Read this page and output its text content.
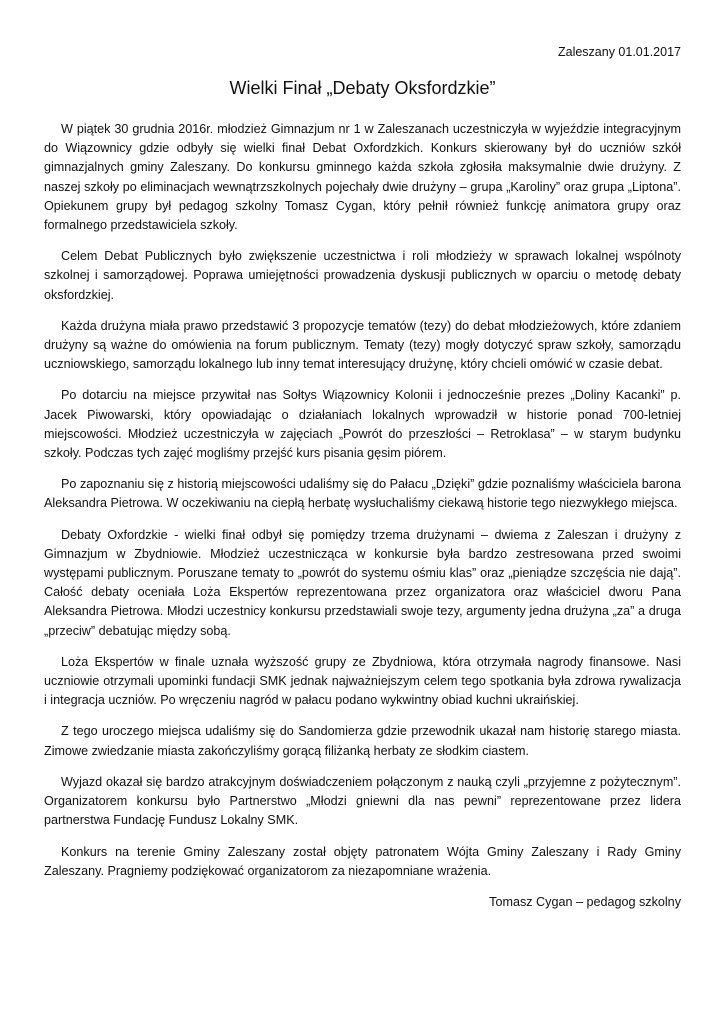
Zaleszany 01.01.2017

Wielki Finał „Debaty Oksfordzkie”

W piątek 30 grudnia 2016r. młodzież Gimnazjum nr 1 w Zaleszanach uczestniczyła w wyjeździe integracyjnym do Wiązownicy gdzie odbyły się wielki finał Debat Oxfordzkich. Konkurs skierowany był do uczniów szkół gimnazjalnych gminy Zaleszany. Do konkursu gminnego każda szkoła zgłosiła maksymalnie dwie drużyny. Z naszej szkoły po eliminacjach wewnątrzszkolnych pojechały dwie drużyny – grupa „Karoliny” oraz grupa „Liptona”. Opiekunem grupy był pedagog szkolny Tomasz Cygan, który pełnił również funkcję animatora grupy oraz formalnego przedstawiciela szkoły.

Celem Debat Publicznych było zwiększenie uczestnictwa i roli młodzieży w sprawach lokalnej wspólnoty szkolnej i samorządowej. Poprawa umiejętności prowadzenia dyskusji publicznych w oparciu o metodę debaty oksfordzkiej.

Każda drużyna miała prawo przedstawić 3 propozycje tematów (tezy) do debat młodzieżowych, które zdaniem drużyny są ważne do omówienia na forum publicznym. Tematy (tezy) mogły dotyczyć spraw szkoły, samorządu uczniowskiego, samorządu lokalnego lub inny temat interesujący drużynę, który chcieli omówić w czasie debat.

Po dotarciu na miejsce przywitał nas Sołtys Wiązownicy Kolonii i jednocześnie prezes „Doliny Kacanki” p. Jacek Piwowarski, który opowiadając o działaniach lokalnych wprowadził w historie ponad 700-letniej miejscowości. Młodzież uczestniczyła w zajęciach „Powrót do przeszłości – Retroklasa” – w starym budynku szkoły. Podczas tych zajęć mogliśmy przejść kurs pisania gęsim piórem.

Po zapoznaniu się z historią miejscowości udaliśmy się do Pałacu „Dzięki” gdzie poznaliśmy właściciela barona Aleksandra Pietrowa. W oczekiwaniu na ciepłą herbatę wysłuchaliśmy ciekawą historie tego niezwykłego miejsca.

Debaty Oxfordzkie - wielki finał odbył się pomiędzy trzema drużynami – dwiema z Zaleszan i drużyny z Gimnazjum w Zbydniowie. Młodzież uczestnicząca w konkursie była bardzo zestresowana przed swoimi występami publicznym. Poruszane tematy to „powrót do systemu ośmiu klas” oraz „pieniądze szczęścia nie dają”. Całość debaty oceniała Loża Ekspertów reprezentowana przez organizatora oraz właściciel dworu Pana Aleksandra Pietrowa. Młodzi uczestnicy konkursu przedstawiali swoje tezy, argumenty jedna drużyna „za” a druga „przeciw” debatując między sobą.

Loża Ekspertów w finale uznała wyższość grupy ze Zbydniowa, która otrzymała nagrody finansowe. Nasi uczniowie otrzymali upominki fundacji SMK jednak najważniejszym celem tego spotkania była zdrowa rywalizacja i integracja uczniów. Po wręczeniu nagród w pałacu podano wykwintny obiad kuchni ukraińskiej.

Z tego uroczego miejsca udaliśmy się do Sandomierza gdzie przewodnik ukazał nam historię starego miasta. Zimowe zwiedzanie miasta zakończyliśmy gorącą filiżanką herbaty ze słodkim ciastem.

Wyjazd okazał się bardzo atrakcyjnym doświadczeniem połączonym z nauką czyli „przyjemne z pożytecznym”. Organizatorem konkursu było Partnerstwo „Młodzi gniewni dla nas pewni” reprezentowane przez lidera partnerstwa Fundację Fundusz Lokalny SMK.

Konkurs na terenie Gminy Zaleszany został objęty patronatem Wójta Gminy Zaleszany i Rady Gminy Zaleszany. Pragniemy podziękować organizatorom za niezapomniane wrażenia.

Tomasz Cygan – pedagog szkolny
